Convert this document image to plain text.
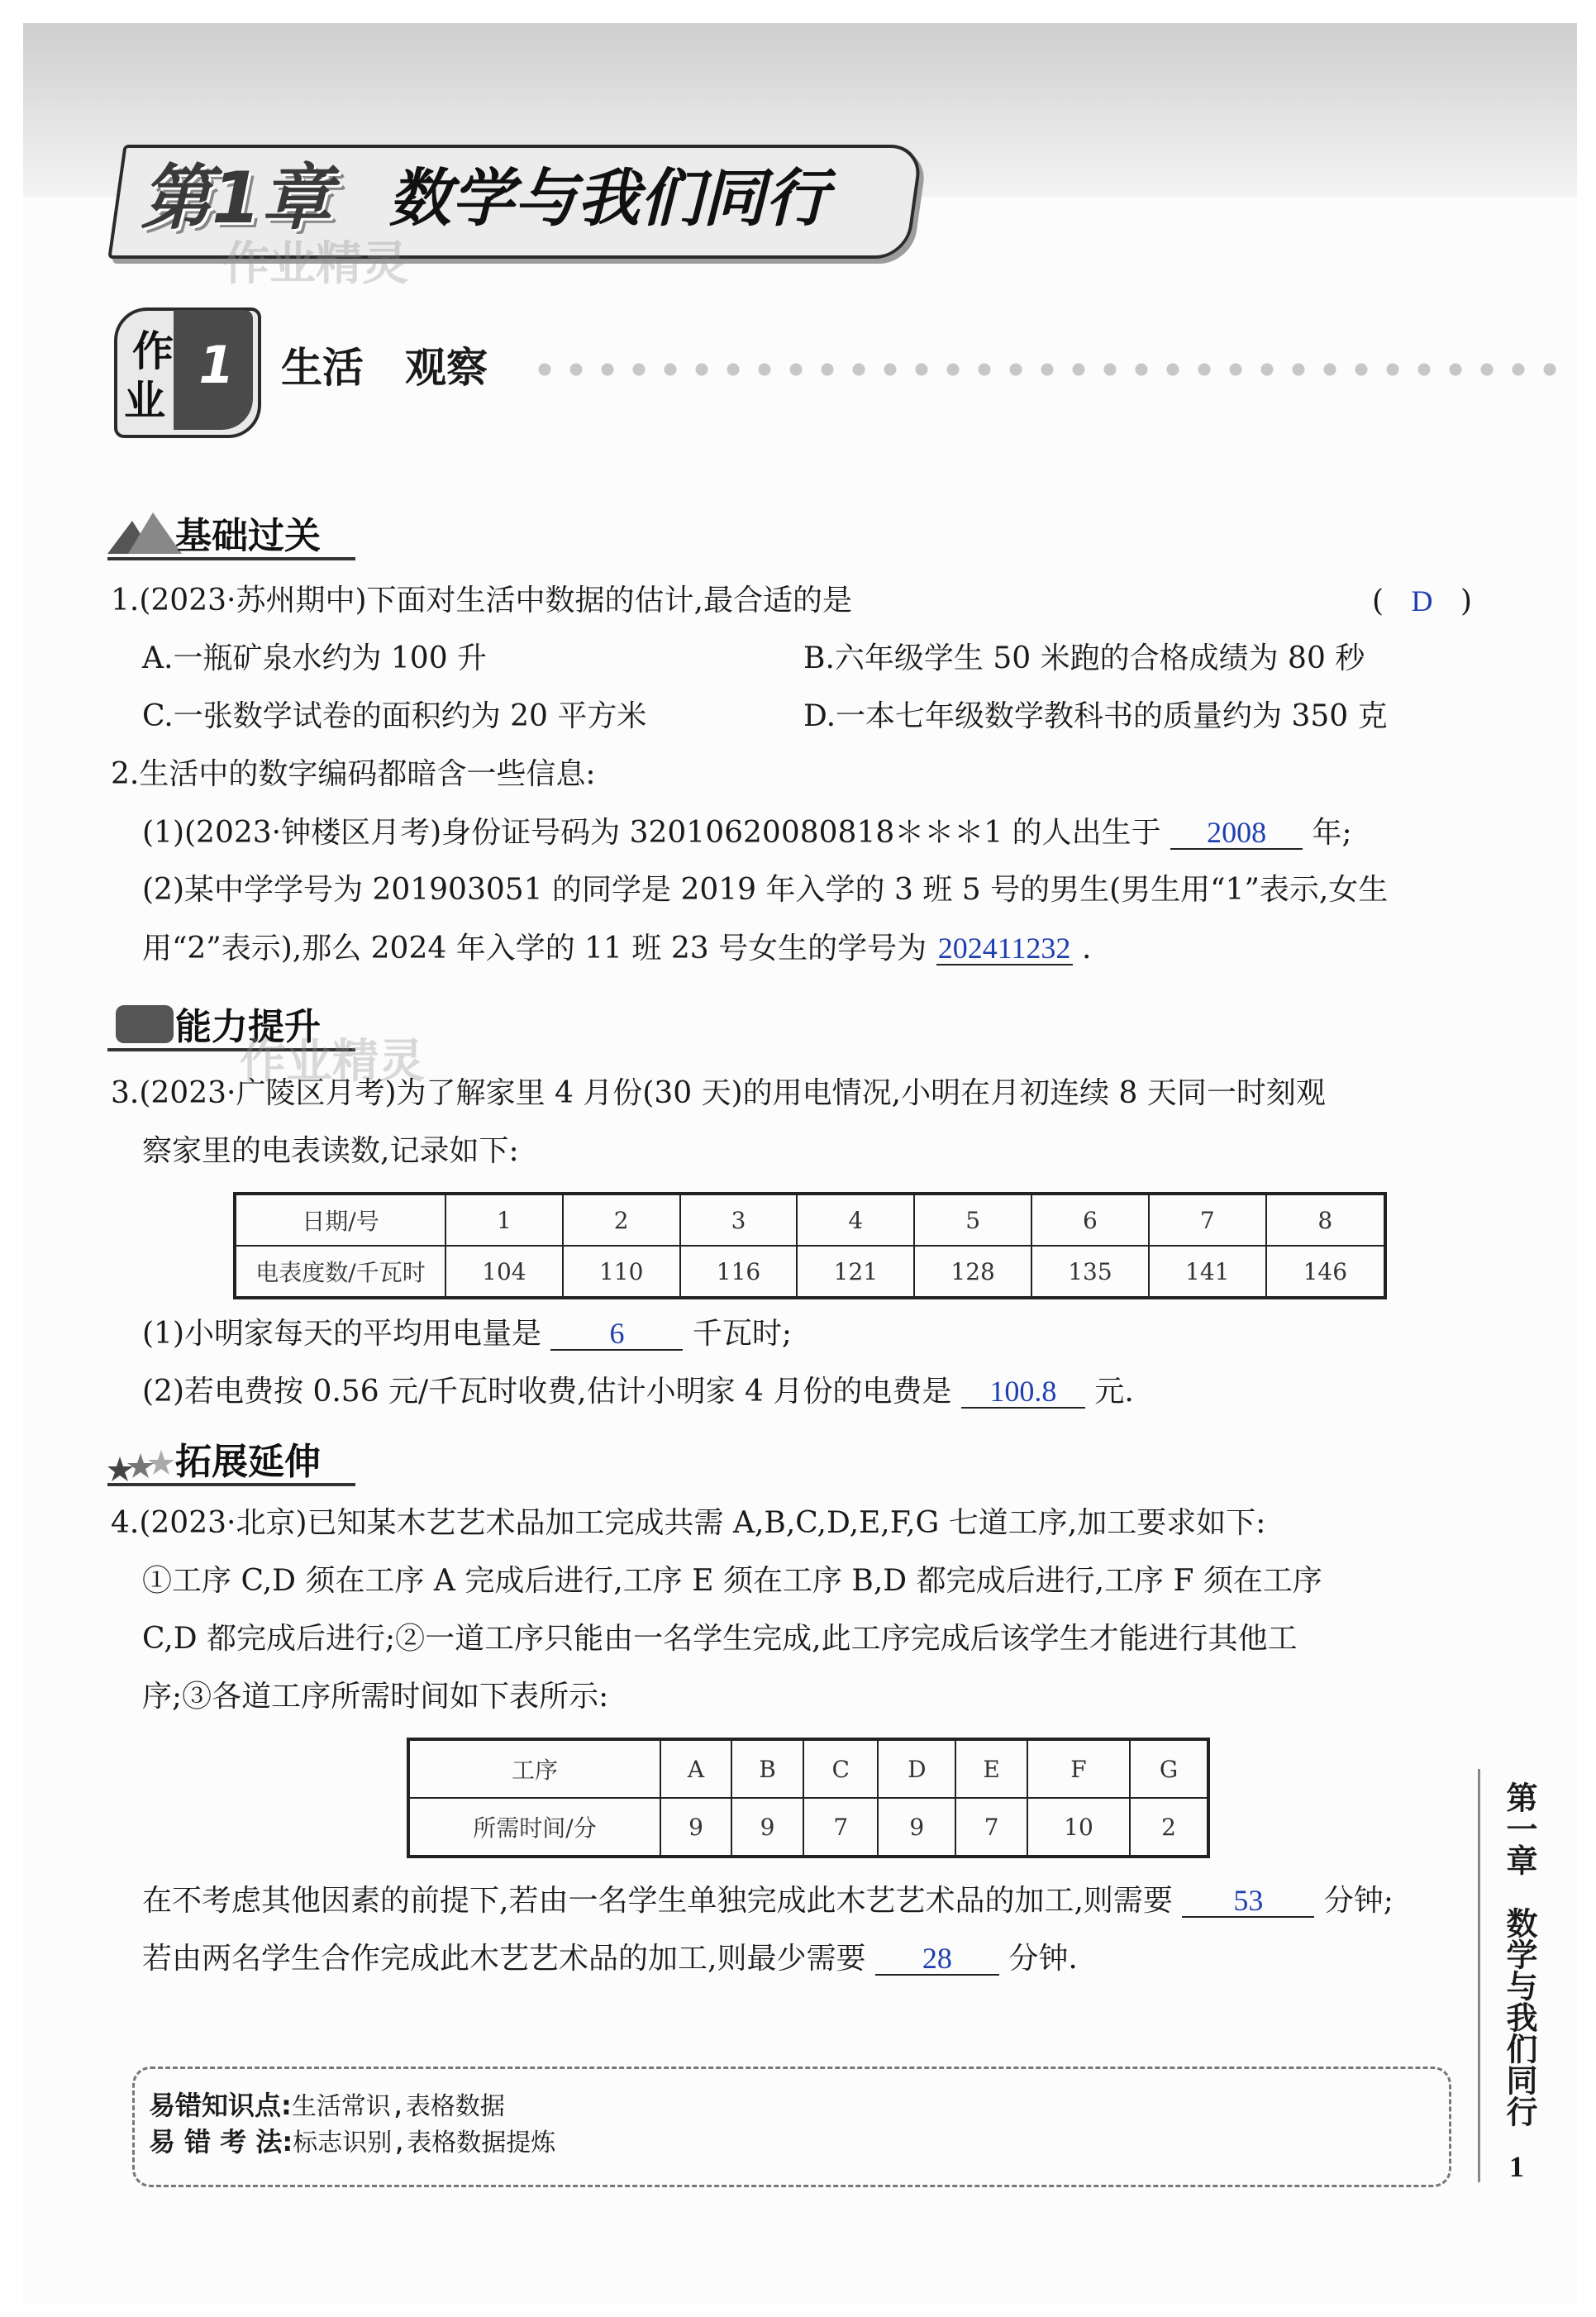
第1章 数学与我们同行
作业精灵
作
业
1 生活　观察
基础过关
1.(2023·苏州期中)下面对生活中数据的估计,最合适的是	( D )
A.一瓶矿泉水约为 100 升	B.六年级学生 50 米跑的合格成绩为 80 秒
C.一张数学试卷的面积约为 20 平方米	D.一本七年级数学教科书的质量约为 350 克
2.生活中的数字编码都暗含一些信息:
(1)(2023·钟楼区月考)身份证号码为 32010620080818＊＊＊1 的人出生于 2008 年;
(2)某中学学号为 201903051 的同学是 2019 年入学的 3 班 5 号的男生(男生用“1”表示,女生
用“2”表示),那么 2024 年入学的 11 班 23 号女生的学号为 202411232 .
能力提升
作业精灵
3.(2023·广陵区月考)为了解家里 4 月份(30 天)的用电情况,小明在月初连续 8 天同一时刻观
察家里的电表读数,记录如下:
日期/号	1	2	3	4	5	6	7	8
电表度数/千瓦时	104	110	116	121	128	135	141	146
(1)小明家每天的平均用电量是 6 千瓦时;
(2)若电费按 0.56 元/千瓦时收费,估计小明家 4 月份的电费是 100.8 元.
拓展延伸
4.(2023·北京)已知某木艺艺术品加工完成共需 A,B,C,D,E,F,G 七道工序,加工要求如下:
①工序 C,D 须在工序 A 完成后进行,工序 E 须在工序 B,D 都完成后进行,工序 F 须在工序
C,D 都完成后进行;②一道工序只能由一名学生完成,此工序完成后该学生才能进行其他工
序;③各道工序所需时间如下表所示:
工序	A	B	C	D	E	F	G
所需时间/分	9	9	7	9	7	10	2
在不考虑其他因素的前提下,若由一名学生单独完成此木艺艺术品的加工,则需要 53 分钟;
若由两名学生合作完成此木艺艺术品的加工,则最少需要 28 分钟.
易错知识点:生活常识,表格数据
易 错 考 法:标志识别,表格数据提炼
第一章　数学与我们同行
1
